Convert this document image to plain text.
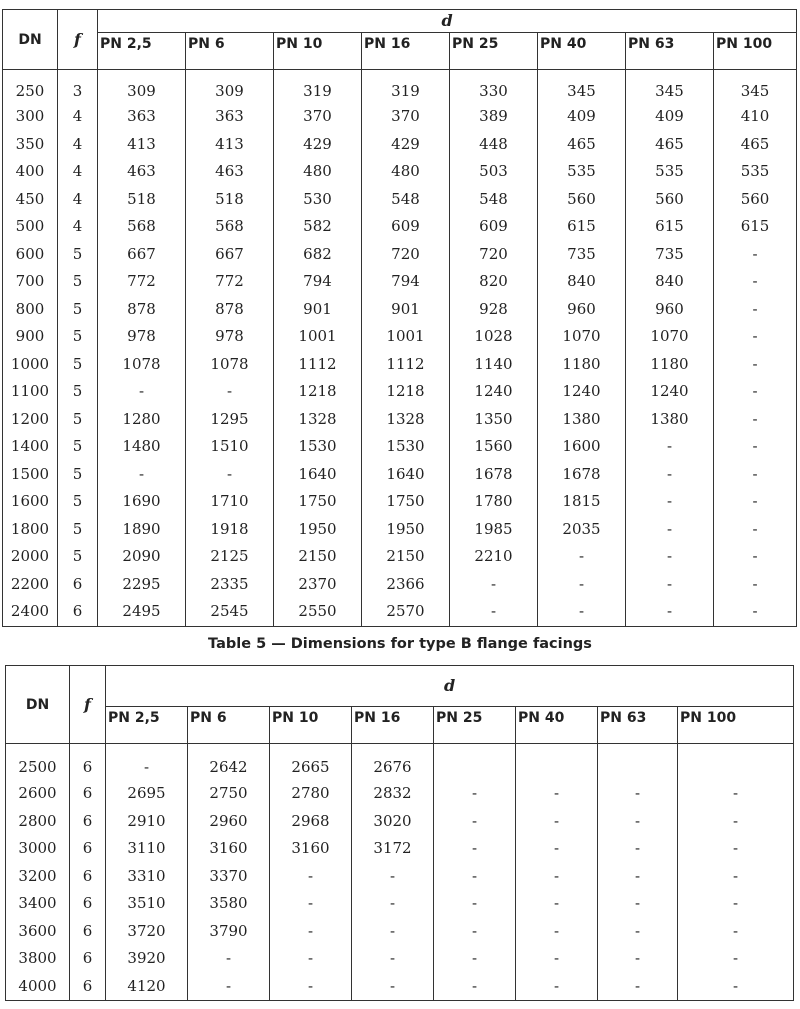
DN	f	d							
		PN 2,5	PN 6	PN 10	PN 16	PN 25	PN 40	PN 63	PN 100
250	3	309	309	319	319	330	345	345	345
300	4	363	363	370	370	389	409	409	410
350	4	413	413	429	429	448	465	465	465
400	4	463	463	480	480	503	535	535	535
450	4	518	518	530	548	548	560	560	560
500	4	568	568	582	609	609	615	615	615
600	5	667	667	682	720	720	735	735	-
700	5	772	772	794	794	820	840	840	-
800	5	878	878	901	901	928	960	960	-
900	5	978	978	1001	1001	1028	1070	1070	-
1000	5	1078	1078	1112	1112	1140	1180	1180	-
1100	5	-	-	1218	1218	1240	1240	1240	-
1200	5	1280	1295	1328	1328	1350	1380	1380	-
1400	5	1480	1510	1530	1530	1560	1600	-	-
1500	5	-	-	1640	1640	1678	1678	-	-
1600	5	1690	1710	1750	1750	1780	1815	-	-
1800	5	1890	1918	1950	1950	1985	2035	-	-
2000	5	2090	2125	2150	2150	2210	-	-	-
2200	6	2295	2335	2370	2366	-	-	-	-
2400	6	2495	2545	2550	2570	-	-	-	-
Table 5 — Dimensions for type B flange facings
DN	f	d							
		PN 2,5	PN 6	PN 10	PN 16	PN 25	PN 40	PN 63	PN 100
2500	6	-	2642	2665	2676				
2600	6	2695	2750	2780	2832	-	-	-	-
2800	6	2910	2960	2968	3020	-	-	-	-
3000	6	3110	3160	3160	3172	-	-	-	-
3200	6	3310	3370	-	-	-	-	-	-
3400	6	3510	3580	-	-	-	-	-	-
3600	6	3720	3790	-	-	-	-	-	-
3800	6	3920	-	-	-	-	-	-	-
4000	6	4120	-	-	-	-	-	-	-
